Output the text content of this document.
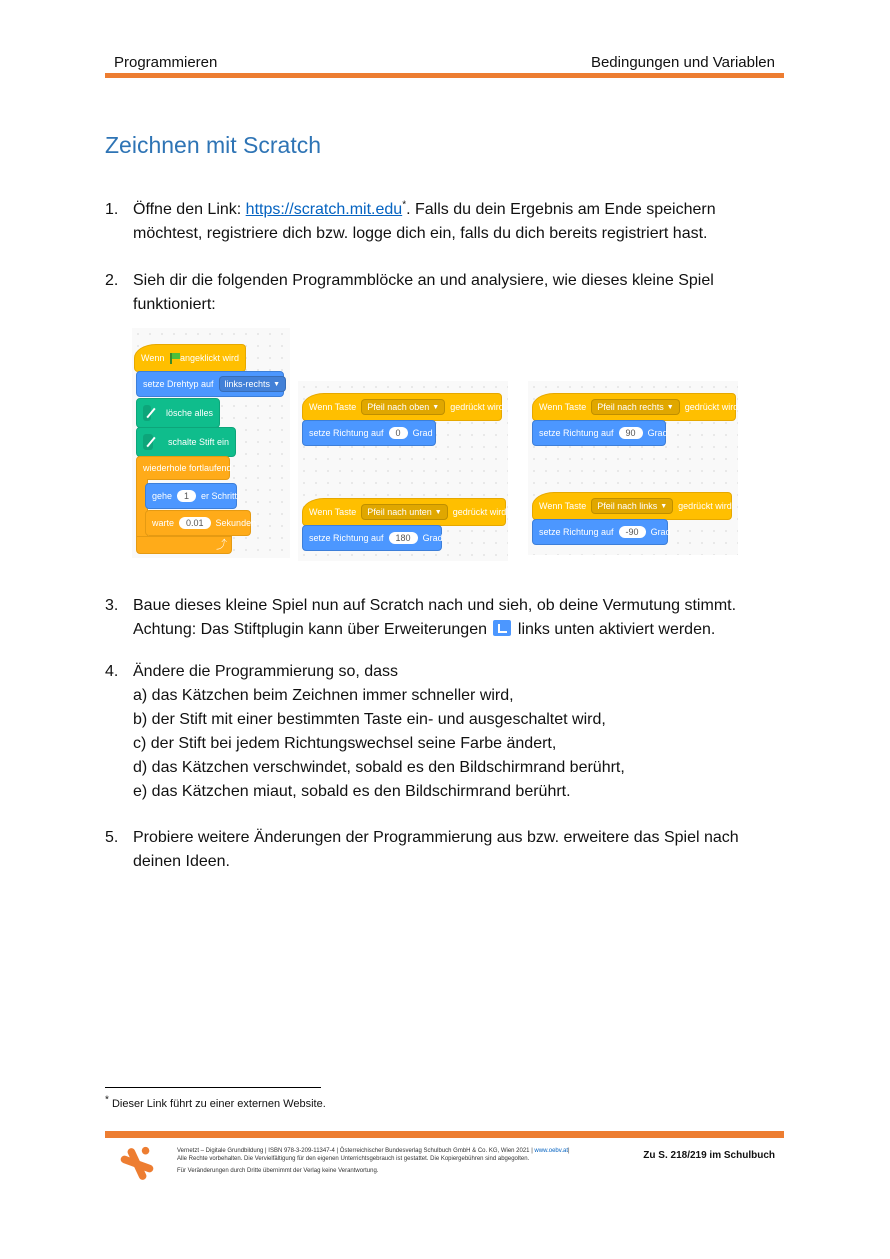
Programmieren	Bedingungen und Variablen
Zeichnen mit Scratch
1. Öffne den Link: https://scratch.mit.edu*. Falls du dein Ergebnis am Ende speichern
möchtest, registriere dich bzw. logge dich ein, falls du dich bereits registriert hast.
2. Sieh dir die folgenden Programmblöcke an und analysiere, wie dieses kleine Spiel
funktioniert:
Wenn angeklickt wird
setze Drehtyp auf links-rechts ▼
lösche alles
schalte Stift ein
wiederhole fortlaufend
gehe	1	er Schritt
warte	0.01	Sekunden
⤴
Wenn Taste Pfeil nach oben ▼ gedrückt wird
setze Richtung auf	0	Grad
Wenn Taste Pfeil nach unten ▼ gedrückt wird
setze Richtung auf	180	Grad
Wenn Taste Pfeil nach rechts ▼ gedrückt wird
setze Richtung auf	90	Grad
Wenn Taste Pfeil nach links ▼ gedrückt wird
setze Richtung auf	-90	Grad
3. Baue dieses kleine Spiel nun auf Scratch nach und sieh, ob deine Vermutung stimmt.
Achtung: Das Stiftplugin kann über Erweiterungen  links unten aktiviert werden.
4. Ändere die Programmierung so, dass
a) das Kätzchen beim Zeichnen immer schneller wird,
b) der Stift mit einer bestimmten Taste ein- und ausgeschaltet wird,
c) der Stift bei jedem Richtungswechsel seine Farbe ändert,
d) das Kätzchen verschwindet, sobald es den Bildschirmrand berührt,
e) das Kätzchen miaut, sobald es den Bildschirmrand berührt.
5. Probiere weitere Änderungen der Programmierung aus bzw. erweitere das Spiel nach
deinen Ideen.
* Dieser Link führt zu einer externen Website.
Vernetzt – Digitale Grundbildung | ISBN 978-3-209-11347-4 | Österreichischer Bundesverlag Schulbuch GmbH & Co. KG, Wien 2021 | www.oebv.at|
Alle Rechte vorbehalten. Die Vervielfältigung für den eigenen Unterrichtsgebrauch ist gestattet. Die Kopiergebühren sind abgegolten.
Für Veränderungen durch Dritte übernimmt der Verlag keine Verantwortung.
Zu S. 218/219 im Schulbuch
